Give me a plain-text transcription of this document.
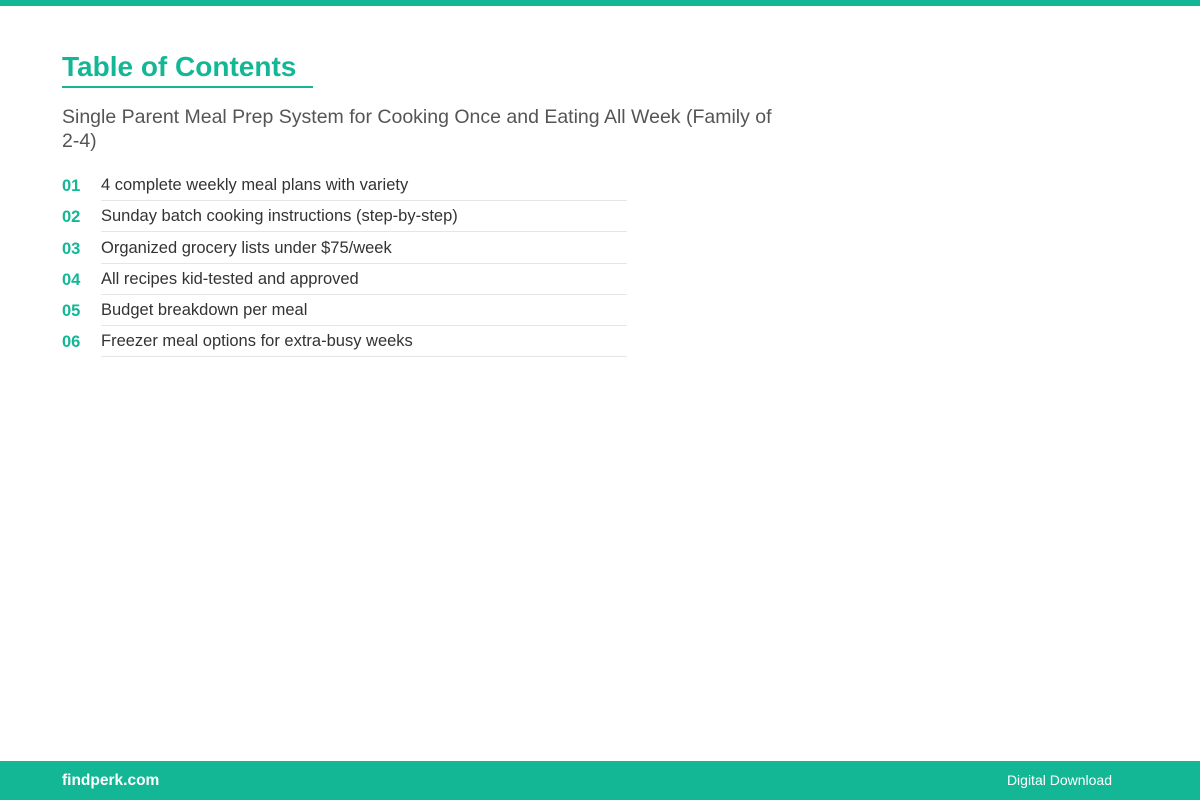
Table of Contents

Single Parent Meal Prep System for Cooking Once and Eating All Week (Family of 2-4)

01	4 complete weekly meal plans with variety
02	Sunday batch cooking instructions (step-by-step)
03	Organized grocery lists under $75/week
04	All recipes kid-tested and approved
05	Budget breakdown per meal
06	Freezer meal options for extra-busy weeks
findperk.com	Digital Download
